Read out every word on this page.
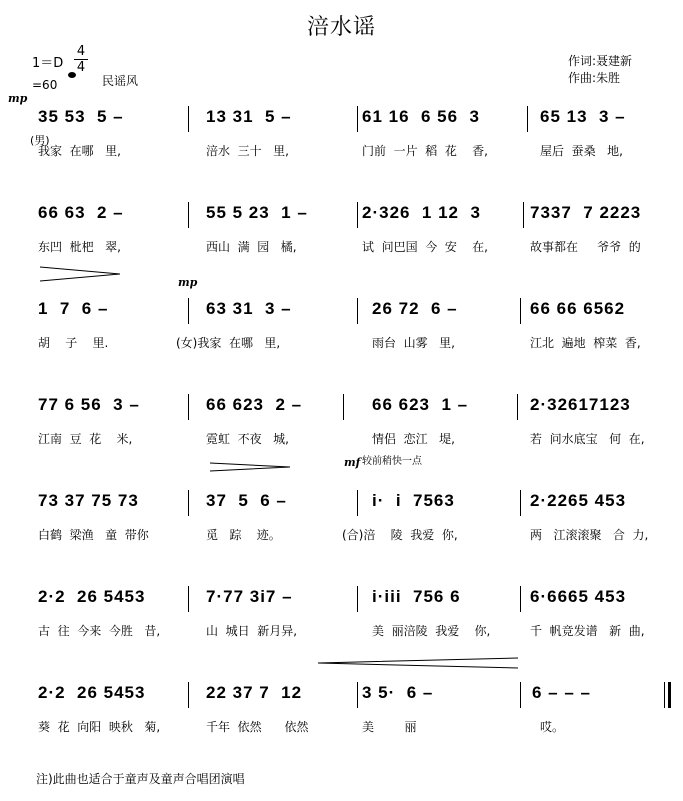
涪水谣
1＝D
4
4
=60	民谣风
作词:聂建新
作曲:朱胜
mp
(男)
mp
mf 较前稍快一点
35 53  5 –	13 31  5 –	61 16  6 56  3	65 13  3 –
我家  在哪   里,	涪水  三十   里,	门前  一片  稻  花    香,	屋后  蚕桑   地,
66 63  2 –	55 5 23  1 –	2·326  1 12  3	7337  7 2223
东凹  枇杷   翠,	西山  满  园   橘,	试  问巴国  今  安    在,	故事都在     爷爷  的
1  7  6 –	63 31  3 –	26 72  6 –	66 66 6562
胡    子    里.	(女)我家  在哪   里,	雨台  山雾   里,	江北  遍地  榨菜  香,
77 6 56  3 –	66 623  2 –	66 623  1 –	2·32617123
江南  豆  花    米,	霓虹  不夜   城,	情侣  恋江   堤,	若  问水底宝   何  在,
73 37 75 73	37  5  6 –	i·  i  7563	2·2265 453
白鹤  梁渔   童  带你	觅   踪    迹。	(合)涪    陵  我爱  你,	两   江滚滚聚   合  力,
2·2  26 5453	7·77 3i7 –	i·iii  756 6	6·6665 453
古  往  今来  今胜   昔,	山  城日  新月异,	美  丽涪陵  我爱    你,	千  帆竞发谱   新  曲,
2·2  26 5453	22 37 7  12	3 5·  6 –	6 – – –
葵  花  向阳  映秋   菊,	千年  依然      依然	美        丽	哎。
注)此曲也适合于童声及童声合唱团演唱
